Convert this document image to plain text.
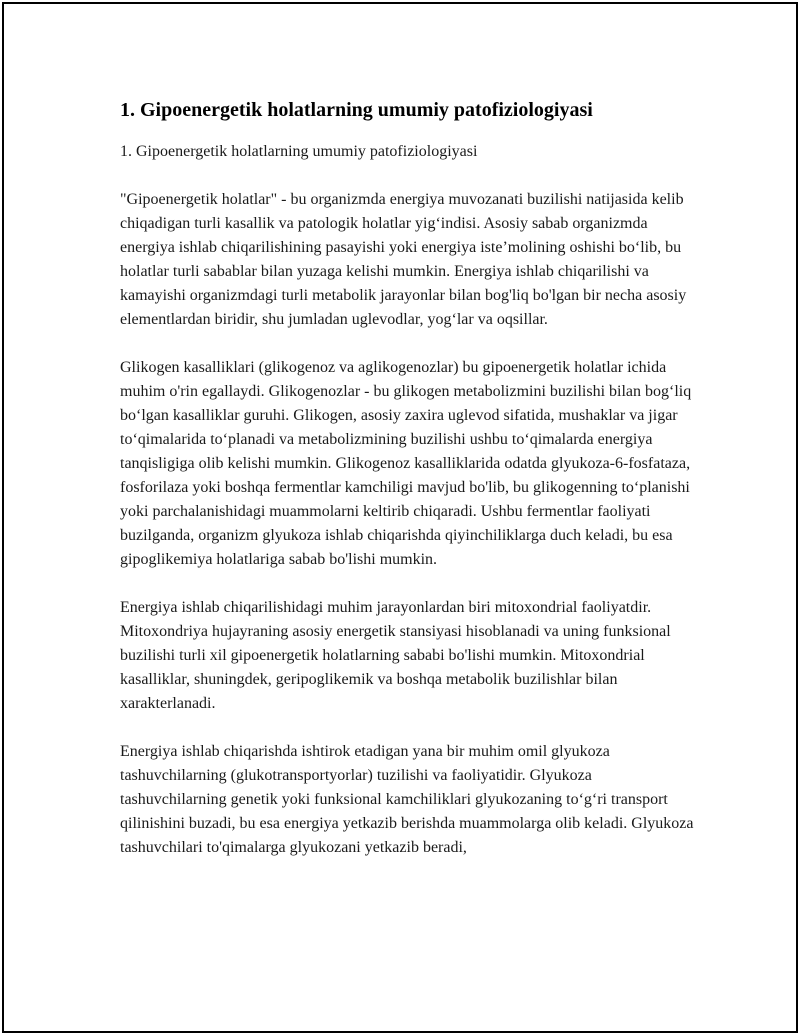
1. Gipoenergetik holatlarning umumiy patofiziologiyasi

1. Gipoenergetik holatlarning umumiy patofiziologiyasi

"Gipoenergetik holatlar" - bu organizmda energiya muvozanati buzilishi natijasida kelib chiqadigan turli kasallik va patologik holatlar yig‘indisi. Asosiy sabab organizmda energiya ishlab chiqarilishining pasayishi yoki energiya iste’molining oshishi bo‘lib, bu holatlar turli sabablar bilan yuzaga kelishi mumkin. Energiya ishlab chiqarilishi va kamayishi organizmdagi turli metabolik jarayonlar bilan bog'liq bo'lgan bir necha asosiy elementlardan biridir, shu jumladan uglevodlar, yog‘lar va oqsillar.

Glikogen kasalliklari (glikogenoz va aglikogenozlar) bu gipoenergetik holatlar ichida muhim o'rin egallaydi. Glikogenozlar - bu glikogen metabolizmini buzilishi bilan bog‘liq bo‘lgan kasalliklar guruhi. Glikogen, asosiy zaxira uglevod sifatida, mushaklar va jigar to‘qimalarida to‘planadi va metabolizmining buzilishi ushbu to‘qimalarda energiya tanqisligiga olib kelishi mumkin. Glikogenoz kasalliklarida odatda glyukoza-6-fosfataza, fosforilaza yoki boshqa fermentlar kamchiligi mavjud bo'lib, bu glikogenning to‘planishi yoki parchalanishidagi muammolarni keltirib chiqaradi. Ushbu fermentlar faoliyati buzilganda, organizm glyukoza ishlab chiqarishda qiyinchiliklarga duch keladi, bu esa gipoglikemiya holatlariga sabab bo'lishi mumkin.

Energiya ishlab chiqarilishidagi muhim jarayonlardan biri mitoxondrial faoliyatdir. Mitoxondriya hujayraning asosiy energetik stansiyasi hisoblanadi va uning funksional buzilishi turli xil gipoenergetik holatlarning sababi bo'lishi mumkin. Mitoxondrial kasalliklar, shuningdek, geripoglikemik va boshqa metabolik buzilishlar bilan xarakterlanadi.

Energiya ishlab chiqarishda ishtirok etadigan yana bir muhim omil glyukoza tashuvchilarning (glukotransportyorlar) tuzilishi va faoliyatidir. Glyukoza tashuvchilarning genetik yoki funksional kamchiliklari glyukozaning to‘g‘ri transport qilinishini buzadi, bu esa energiya yetkazib berishda muammolarga olib keladi. Glyukoza tashuvchilari to'qimalarga glyukozani yetkazib beradi,
